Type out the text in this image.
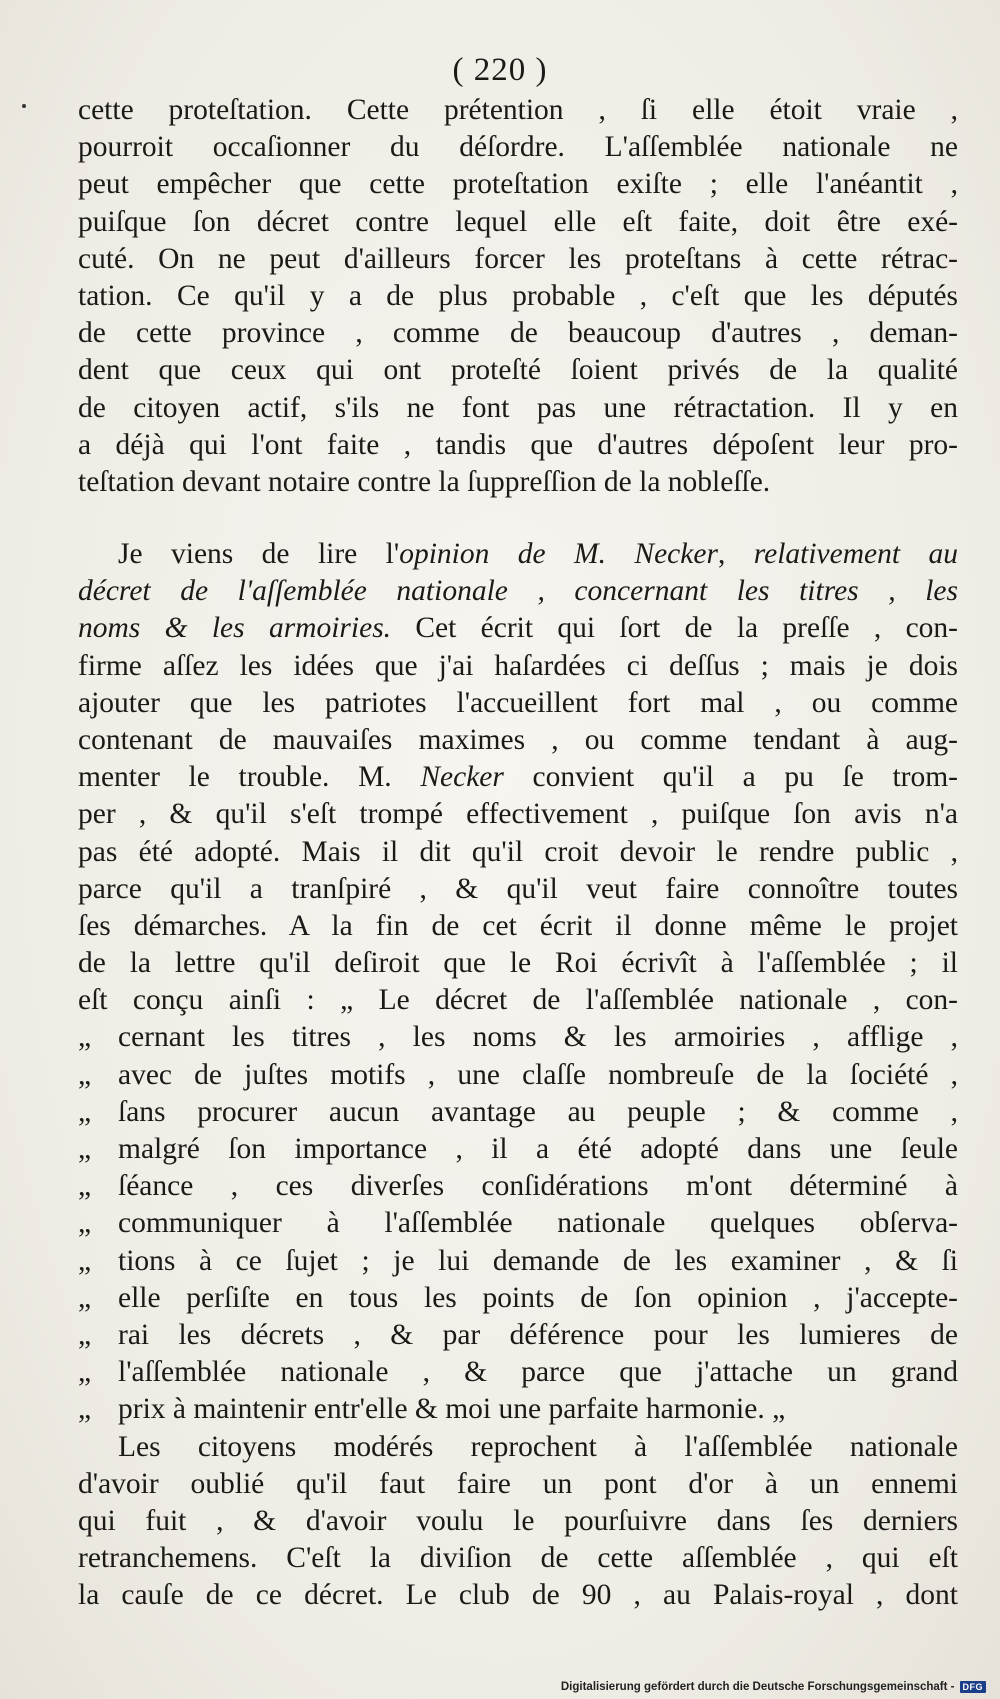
( 220 )
cette proteſtation. Cette prétention , ſi elle étoit vraie ,
pourroit occaſionner du déſordre. L'aſſemblée nationale ne
peut empêcher que cette proteſtation exiſte ; elle l'anéantit ,
puiſque ſon décret contre lequel elle eſt faite, doit être exé-
cuté. On ne peut d'ailleurs forcer les proteſtans à cette rétrac-
tation. Ce qu'il y a de plus probable , c'eſt que les députés
de cette province , comme de beaucoup d'autres , deman-
dent que ceux qui ont proteſté ſoient privés de la qualité
de citoyen actif, s'ils ne font pas une rétractation. Il y en
a déjà qui l'ont faite , tandis que d'autres dépoſent leur pro-
teſtation devant notaire contre la ſuppreſſion de la nobleſſe.
Je viens de lire l'opinion de M. Necker, relativement au
décret de l'aſſemblée nationale , concernant les titres , les
noms & les armoiries. Cet écrit qui ſort de la preſſe , con-
firme aſſez les idées que j'ai haſardées ci deſſus ; mais je dois
ajouter que les patriotes l'accueillent fort mal , ou comme
contenant de mauvaiſes maximes , ou comme tendant à aug-
menter le trouble. M. Necker convient qu'il a pu ſe trom-
per , & qu'il s'eſt trompé effectivement , puiſque ſon avis n'a
pas été adopté. Mais il dit qu'il croit devoir le rendre public ,
parce qu'il a tranſpiré , & qu'il veut faire connoître toutes
ſes démarches. A la fin de cet écrit il donne même le projet
de la lettre qu'il deſiroit que le Roi écrivît à l'aſſemblée ; il
eſt conçu ainſi : „ Le décret de l'aſſemblée nationale , con-
„ cernant les titres , les noms & les armoiries , afflige ,
„ avec de juſtes motifs , une claſſe nombreuſe de la ſociété ,
„ ſans procurer aucun avantage au peuple ; & comme ,
„ malgré ſon importance , il a été adopté dans une ſeule
„ ſéance , ces diverſes conſidérations m'ont déterminé à
„ communiquer à l'aſſemblée nationale quelques obſerva-
„ tions à ce ſujet ; je lui demande de les examiner , & ſi
„ elle perſiſte en tous les points de ſon opinion , j'accepte-
„ rai les décrets , & par déférence pour les lumieres de
„ l'aſſemblée nationale , & parce que j'attache un grand
„ prix à maintenir entr'elle & moi une parfaite harmonie. „
Les citoyens modérés reprochent à l'aſſemblée nationale
d'avoir oublié qu'il faut faire un pont d'or à un ennemi
qui fuit , & d'avoir voulu le pourſuivre dans ſes derniers
retranchemens. C'eſt la diviſion de cette aſſemblée , qui eſt
la cauſe de ce décret. Le club de 90 , au Palais-royal , dont
Digitalisierung gefördert durch die Deutsche Forschungsgemeinschaft - DFG
